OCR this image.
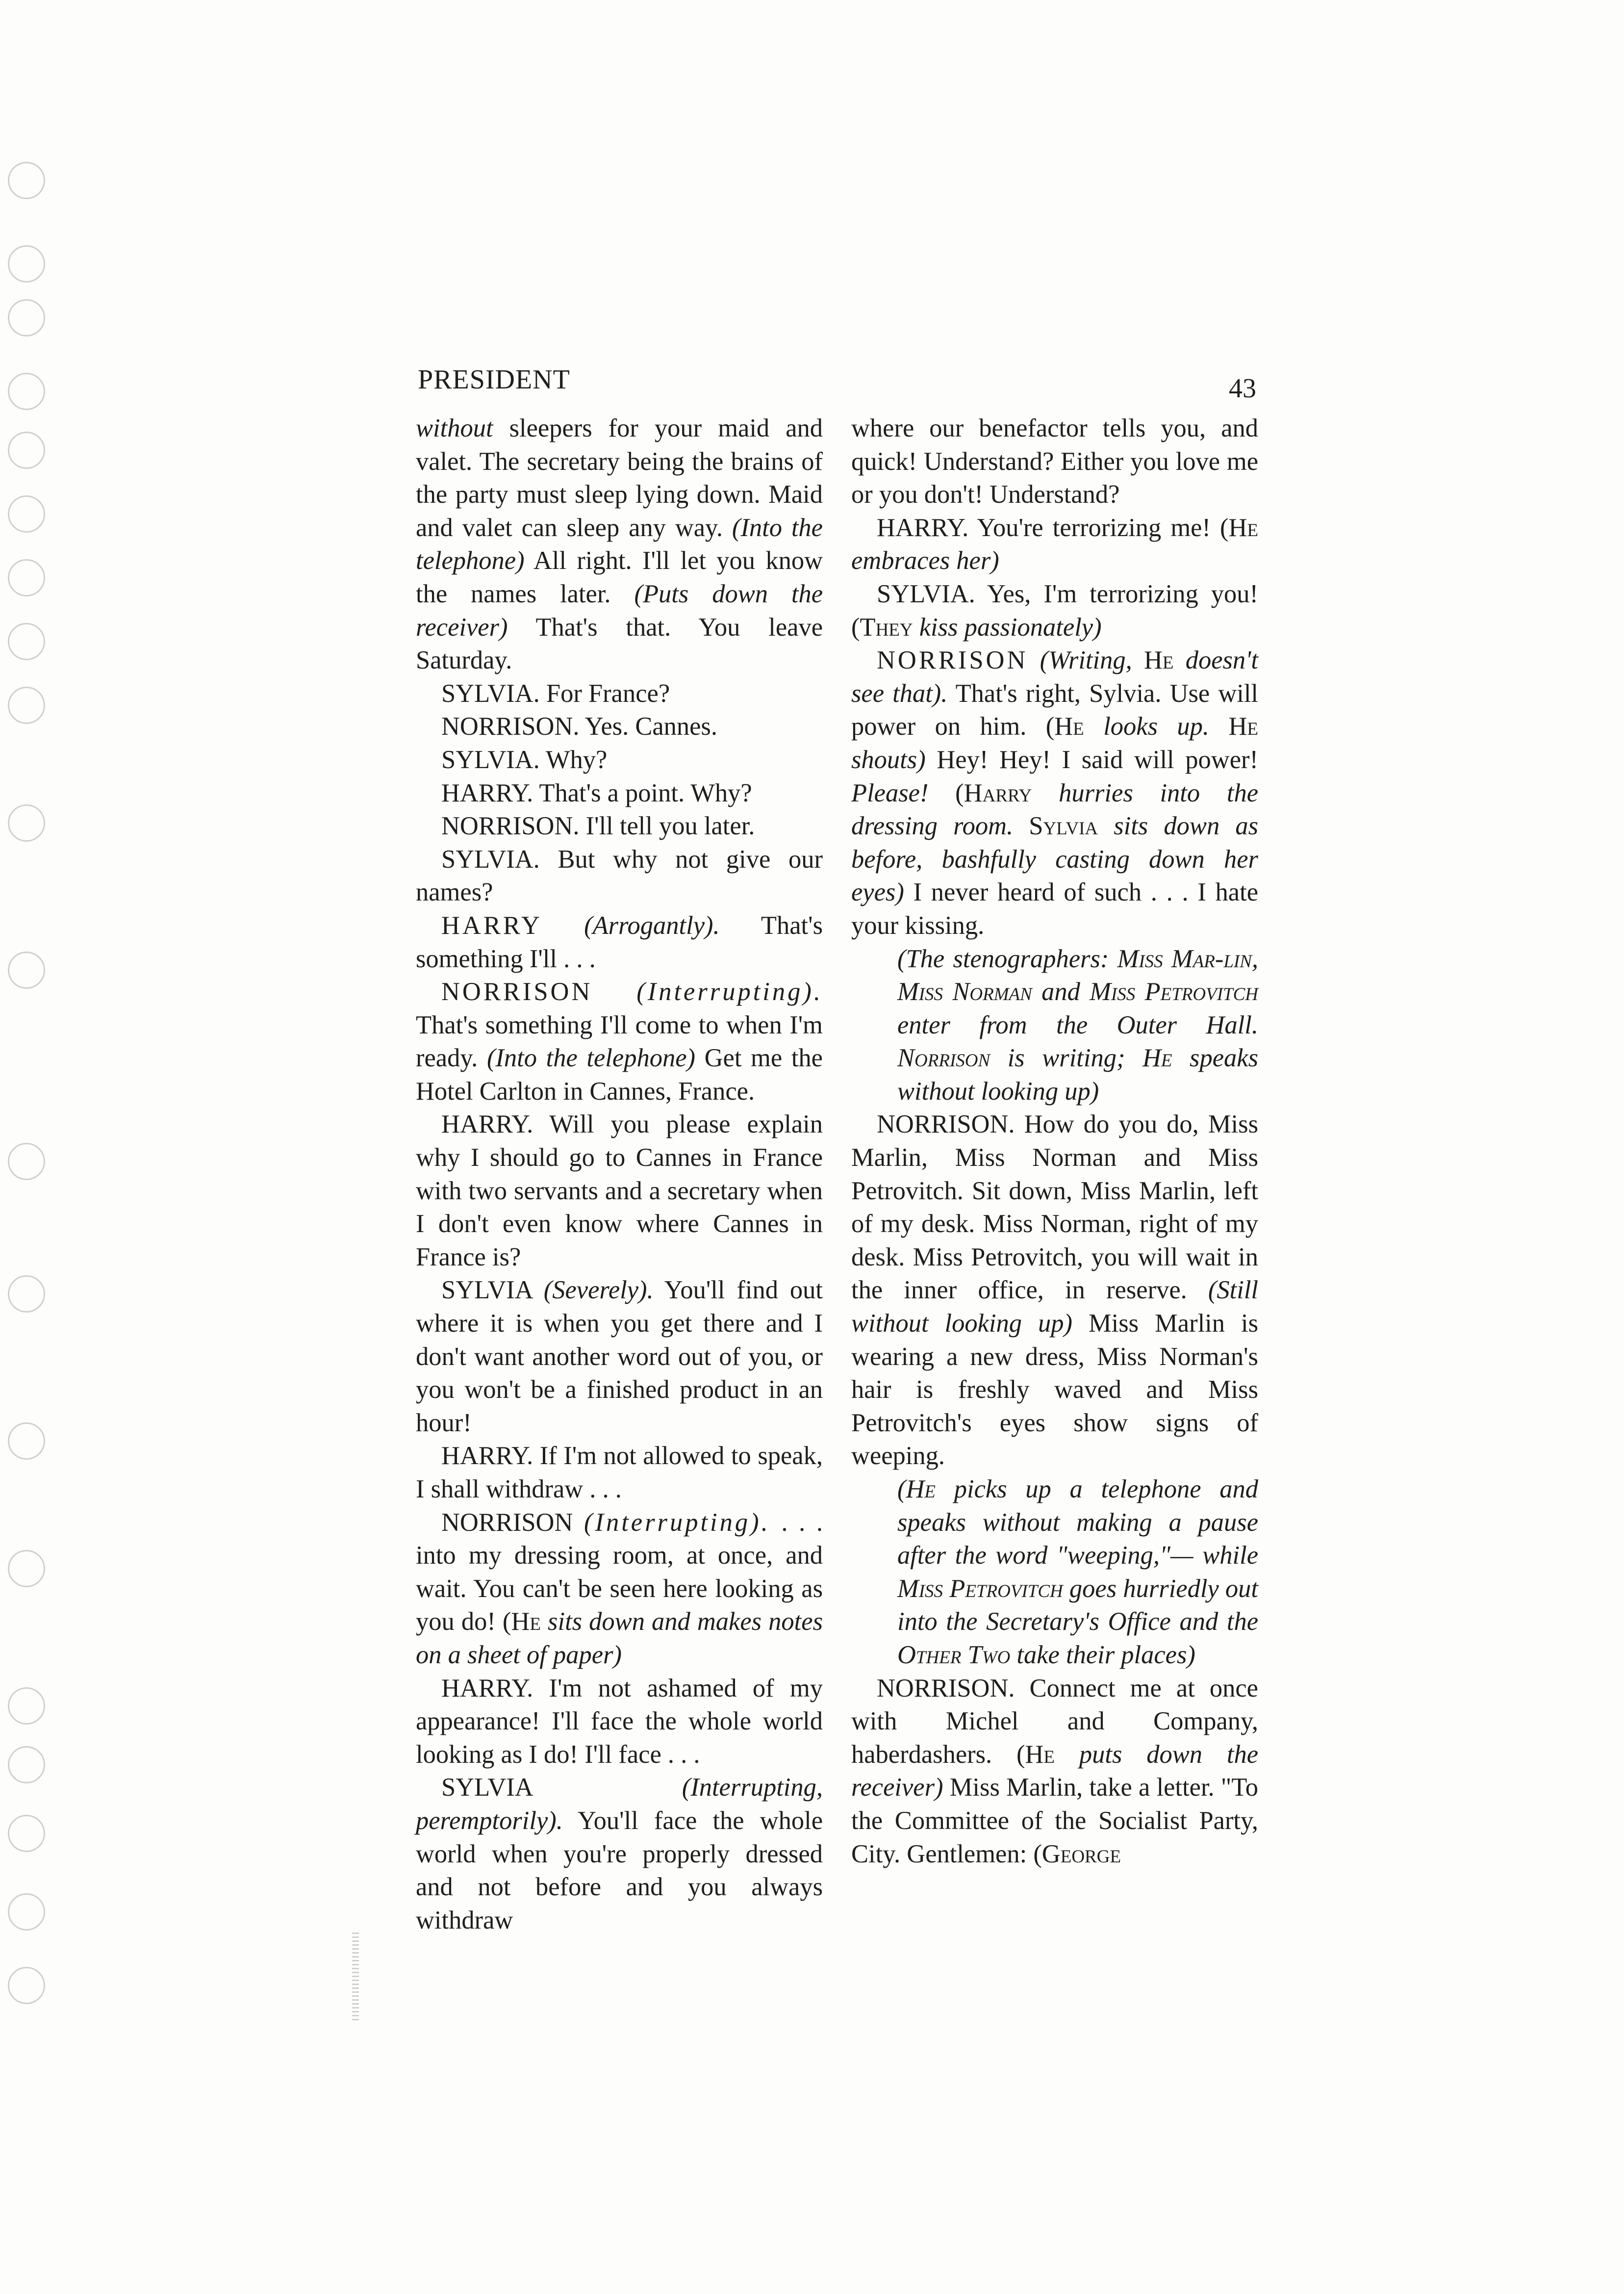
PRESIDENT	43

without sleepers for your maid and valet. The secretary being the brains of the party must sleep lying down. Maid and valet can sleep any way. (Into the telephone) All right. I'll let you know the names later. (Puts down the receiver) That's that. You leave Saturday.

SYLVIA. For France?

NORRISON. Yes. Cannes.

SYLVIA. Why?

HARRY. That's a point. Why?

NORRISON. I'll tell you later.

SYLVIA. But why not give our names?

HARRY (Arrogantly). That's something I'll . . .

NORRISON (Interrupting). That's something I'll come to when I'm ready. (Into the telephone) Get me the Hotel Carlton in Cannes, France.

HARRY. Will you please explain why I should go to Cannes in France with two servants and a secretary when I don't even know where Cannes in France is?

SYLVIA (Severely). You'll find out where it is when you get there and I don't want another word out of you, or you won't be a finished product in an hour!

HARRY. If I'm not allowed to speak, I shall withdraw . . .

NORRISON (Interrupting). . . . into my dressing room, at once, and wait. You can't be seen here looking as you do! (He sits down and makes notes on a sheet of paper)

HARRY. I'm not ashamed of my appearance! I'll face the whole world looking as I do! I'll face . . .

SYLVIA (Interrupting, peremptorily). You'll face the whole world when you're properly dressed and not before and you always withdraw

where our benefactor tells you, and quick! Understand? Either you love me or you don't! Understand?

HARRY. You're terrorizing me! (He embraces her)

SYLVIA. Yes, I'm terrorizing you! (They kiss passionately)

NORRISON (Writing, He doesn't see that). That's right, Sylvia. Use will power on him. (He looks up. He shouts) Hey! Hey! I said will power! Please! (Harry hurries into the dressing room. Sylvia sits down as before, bashfully casting down her eyes) I never heard of such . . . I hate your kissing.

(The stenographers: Miss Mar-lin, Miss Norman and Miss Petrovitch enter from the Outer Hall. Norrison is writing; He speaks without looking up)

NORRISON. How do you do, Miss Marlin, Miss Norman and Miss Petrovitch. Sit down, Miss Marlin, left of my desk. Miss Norman, right of my desk. Miss Petrovitch, you will wait in the inner office, in reserve. (Still without looking up) Miss Marlin is wearing a new dress, Miss Norman's hair is freshly waved and Miss Petrovitch's eyes show signs of weeping.

(He picks up a telephone and speaks without making a pause after the word "weeping,"— while Miss Petrovitch goes hurriedly out into the Secretary's Office and the Other Two take their places)

NORRISON. Connect me at once with Michel and Company, haberdashers. (He puts down the receiver) Miss Marlin, take a letter. "To the Committee of the Socialist Party, City. Gentlemen: (George
